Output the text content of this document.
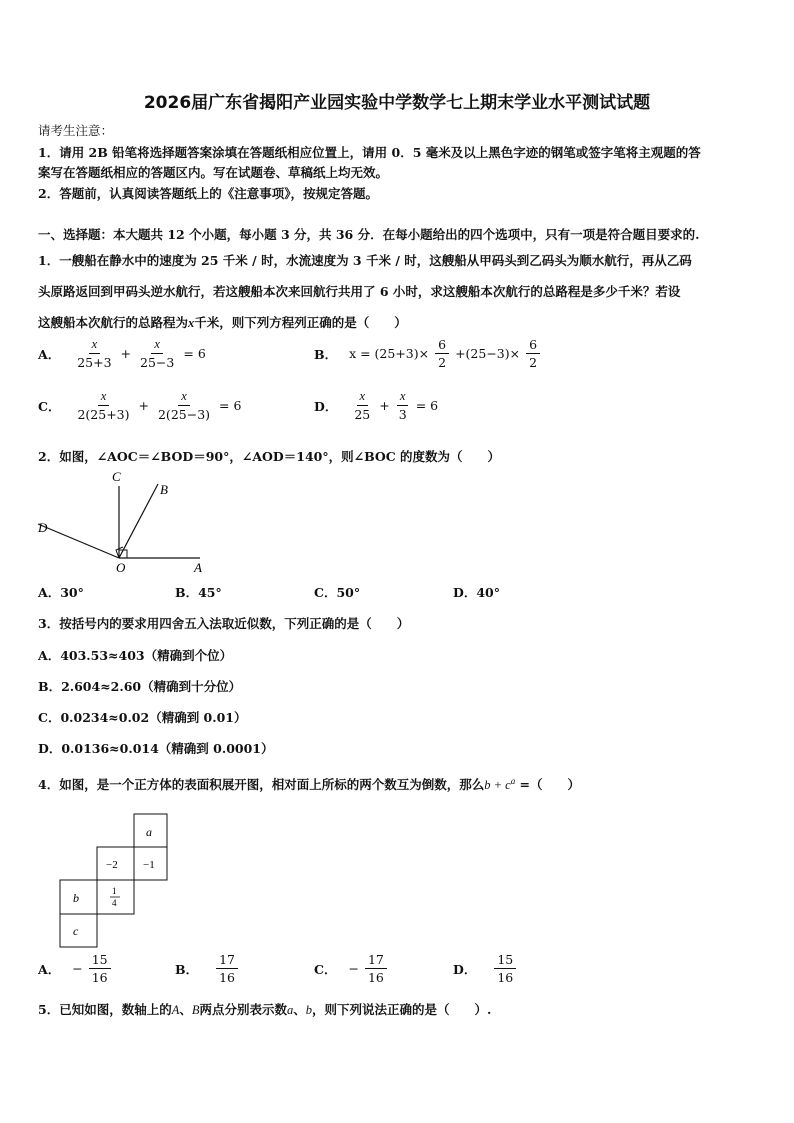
2026届广东省揭阳产业园实验中学数学七上期末学业水平测试试题
请考生注意：
1．请用 2B 铅笔将选择题答案涂填在答题纸相应位置上，请用 0．5 毫米及以上黑色字迹的钢笔或签字笔将主观题的答
案写在答题纸相应的答题区内。写在试题卷、草稿纸上均无效。
2．答题前，认真阅读答题纸上的《注意事项》，按规定答题。
一、选择题：本大题共 12 个小题，每小题 3 分，共 36 分．在每小题给出的四个选项中，只有一项是符合题目要求的.
1．一艘船在静水中的速度为 25 千米 / 时，水流速度为 3 千米 / 时，这艘船从甲码头到乙码头为顺水航行，再从乙码
头原路返回到甲码头逆水航行，若这艘船本次来回航行共用了 6 小时，求这艘船本次航行的总路程是多少千米？若设
这艘船本次航行的总路程为x千米，则下列方程列正确的是（　　）
A． $\frac{x}{25+3} + \frac{x}{25-3} = 6$	B． $x = (25+3)\times \frac{6}{2} +(25-3)\times \frac{6}{2}$
C． $\frac{x}{2(25+3)} + \frac{x}{2(25-3)} = 6$	D． $\frac{x}{25} + \frac{x}{3} = 6$
2．如图，∠AOC＝∠BOD＝90°，∠AOD＝140°，则∠BOC 的度数为（　　）
C
B
D
O	A
A．30°	B．45°	C．50°	D．40°
3．按括号内的要求用四舍五入法取近似数，下列正确的是（　　）
A．403.53≈403（精确到个位）
B．2.604≈2.60（精确到十分位）
C．0.0234≈0.02（精确到 0.01）
D．0.0136≈0.014（精确到 0.0001）
4．如图，是一个正方体的表面积展开图，相对面上所标的两个数互为倒数，那么$b + c^a$ =（　　）
a
−2 −1
b	1
4
c
A． − $\frac{15}{16}$	B． $\frac{17}{16}$	C． − $\frac{17}{16}$	D． $\frac{15}{16}$
5．已知如图，数轴上的A、B两点分别表示数a、b，则下列说法正确的是（　　）.
